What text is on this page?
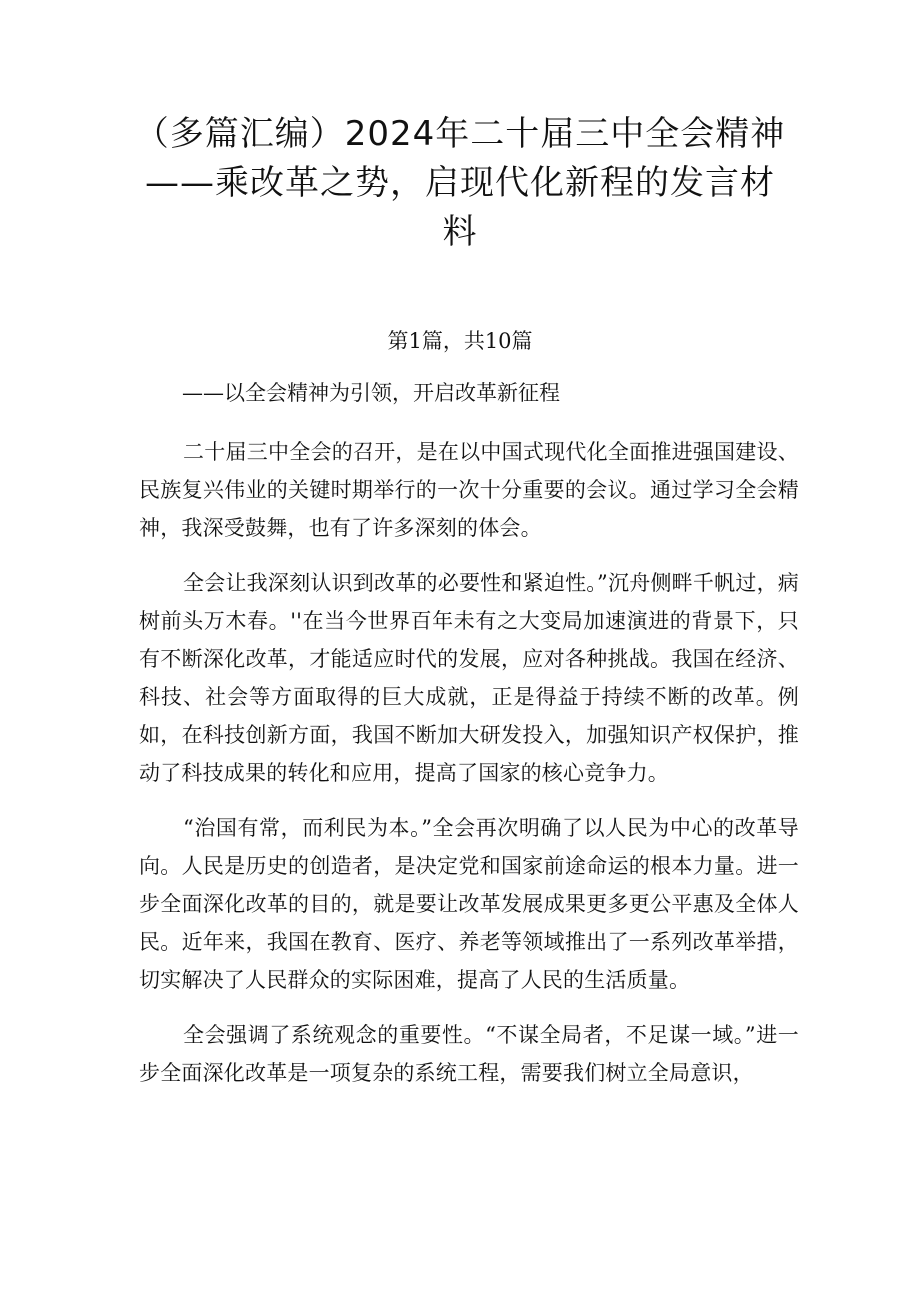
（多篇汇编）2024年二十届三中全会精神
——乘改革之势，启现代化新程的发言材
料
第1篇，共10篇
——以全会精神为引领，开启改革新征程

二十届三中全会的召开，是在以中国式现代化全面推进强国建设、民族复兴伟业的关键时期举行的一次十分重要的会议。通过学习全会精神，我深受鼓舞，也有了许多深刻的体会。

全会让我深刻认识到改革的必要性和紧迫性。”沉舟侧畔千帆过，病树前头万木春。''在当今世界百年未有之大变局加速演进的背景下，只有不断深化改革，才能适应时代的发展，应对各种挑战。我国在经济、科技、社会等方面取得的巨大成就，正是得益于持续不断的改革。例如，在科技创新方面，我国不断加大研发投入，加强知识产权保护，推动了科技成果的转化和应用，提高了国家的核心竞争力。

“治国有常，而利民为本。”全会再次明确了以人民为中心的改革导向。人民是历史的创造者，是决定党和国家前途命运的根本力量。进一步全面深化改革的目的，就是要让改革发展成果更多更公平惠及全体人民。近年来，我国在教育、医疗、养老等领域推出了一系列改革举措，切实解决了人民群众的实际困难，提高了人民的生活质量。

全会强调了系统观念的重要性。“不谋全局者，不足谋一域。”进一步全面深化改革是一项复杂的系统工程，需要我们树立全局意识，
